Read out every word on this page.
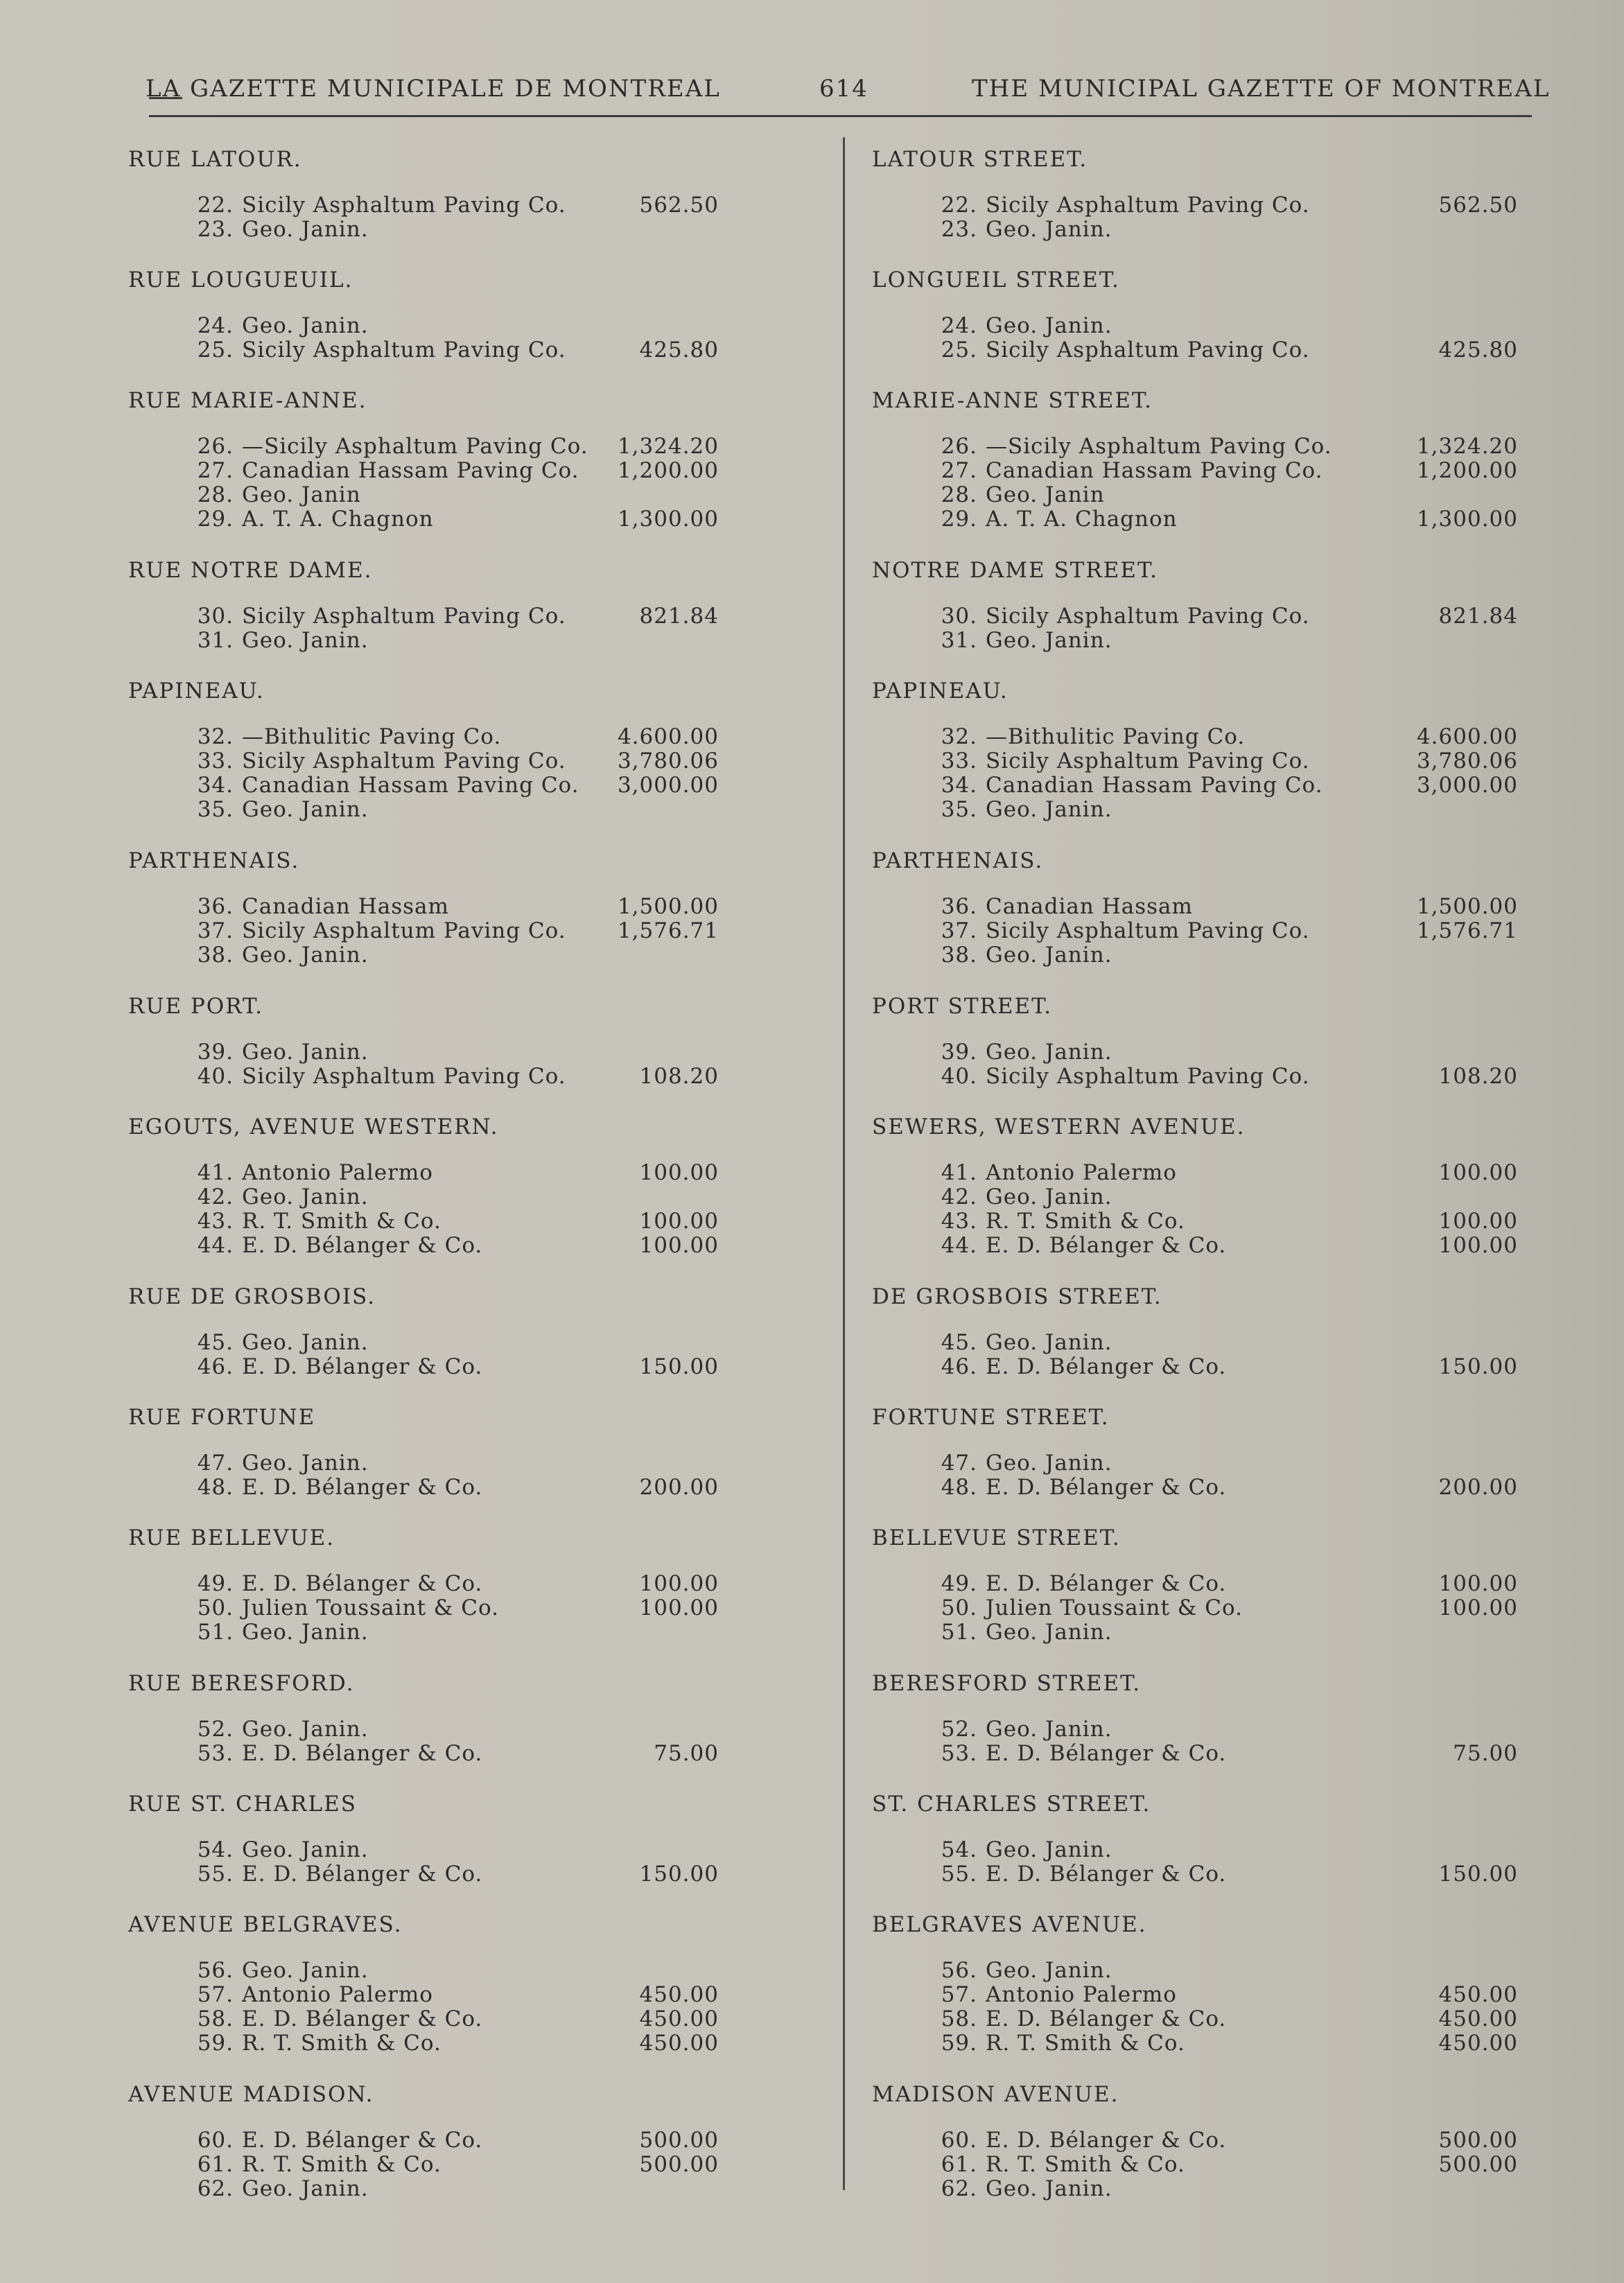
LA GAZETTE MUNICIPALE DE MONTREAL	614	THE MUNICIPAL GAZETTE OF MONTREAL
RUE LATOUR.
22. Sicily Asphaltum Paving Co.	562.50
23. Geo. Janin.
RUE LOUGUEUIL.
24. Geo. Janin.
25. Sicily Asphaltum Paving Co.	425.80
RUE MARIE-ANNE.
26. —Sicily Asphaltum Paving Co. 1,324.20
27. Canadian Hassam Paving Co. 1,200.00
28. Geo. Janin
29. A. T. A. Chagnon	1,300.00
RUE NOTRE DAME.
30. Sicily Asphaltum Paving Co.	821.84
31. Geo. Janin.
PAPINEAU.
32. —Bithulitic Paving Co.	4.600.00
33. Sicily Asphaltum Paving Co. 3,780.06
34. Canadian Hassam Paving Co. 3,000.00
35. Geo. Janin.
PARTHENAIS.
36. Canadian Hassam	1,500.00
37. Sicily Asphaltum Paving Co. 1,576.71
38. Geo. Janin.
RUE PORT.
39. Geo. Janin.
40. Sicily Asphaltum Paving Co.	108.20
EGOUTS, AVENUE WESTERN.
41. Antonio Palermo	100.00
42. Geo. Janin.
43. R. T. Smith & Co.	100.00
44. E. D. Bélanger & Co.	100.00
RUE DE GROSBOIS.
45. Geo. Janin.
46. E. D. Bélanger & Co.	150.00
RUE FORTUNE
47. Geo. Janin.
48. E. D. Bélanger & Co.	200.00
RUE BELLEVUE.
49. E. D. Bélanger & Co.	100.00
50. Julien Toussaint & Co.	100.00
51. Geo. Janin.
RUE BERESFORD.
52. Geo. Janin.
53. E. D. Bélanger & Co.	75.00
RUE ST. CHARLES
54. Geo. Janin.
55. E. D. Bélanger & Co.	150.00
AVENUE BELGRAVES.
56. Geo. Janin.
57. Antonio Palermo	450.00
58. E. D. Bélanger & Co.	450.00
59. R. T. Smith & Co.	450.00
AVENUE MADISON.
60. E. D. Bélanger & Co.	500.00
61. R. T. Smith & Co.	500.00
62. Geo. Janin.
LATOUR STREET.
22. Sicily Asphaltum Paving Co.	562.50
23. Geo. Janin.
LONGUEIL STREET.
24. Geo. Janin.
25. Sicily Asphaltum Paving Co.	425.80
MARIE-ANNE STREET.
26. —Sicily Asphaltum Paving Co.	1,324.20
27. Canadian Hassam Paving Co.	1,200.00
28. Geo. Janin
29. A. T. A. Chagnon	1,300.00
NOTRE DAME STREET.
30. Sicily Asphaltum Paving Co.	821.84
31. Geo. Janin.
PAPINEAU.
32. —Bithulitic Paving Co.	4.600.00
33. Sicily Asphaltum Paving Co.	3,780.06
34. Canadian Hassam Paving Co.	3,000.00
35. Geo. Janin.
PARTHENAIS.
36. Canadian Hassam	1,500.00
37. Sicily Asphaltum Paving Co.	1,576.71
38. Geo. Janin.
PORT STREET.
39. Geo. Janin.
40. Sicily Asphaltum Paving Co.	108.20
SEWERS, WESTERN AVENUE.
41. Antonio Palermo	100.00
42. Geo. Janin.
43. R. T. Smith & Co.	100.00
44. E. D. Bélanger & Co.	100.00
DE GROSBOIS STREET.
45. Geo. Janin.
46. E. D. Bélanger & Co.	150.00
FORTUNE STREET.
47. Geo. Janin.
48. E. D. Bélanger & Co.	200.00
BELLEVUE STREET.
49. E. D. Bélanger & Co.	100.00
50. Julien Toussaint & Co.	100.00
51. Geo. Janin.
BERESFORD STREET.
52. Geo. Janin.
53. E. D. Bélanger & Co.	75.00
ST. CHARLES STREET.
54. Geo. Janin.
55. E. D. Bélanger & Co.	150.00
BELGRAVES AVENUE.
56. Geo. Janin.
57. Antonio Palermo	450.00
58. E. D. Bélanger & Co.	450.00
59. R. T. Smith & Co.	450.00
MADISON AVENUE.
60. E. D. Bélanger & Co.	500.00
61. R. T. Smith & Co.	500.00
62. Geo. Janin.
